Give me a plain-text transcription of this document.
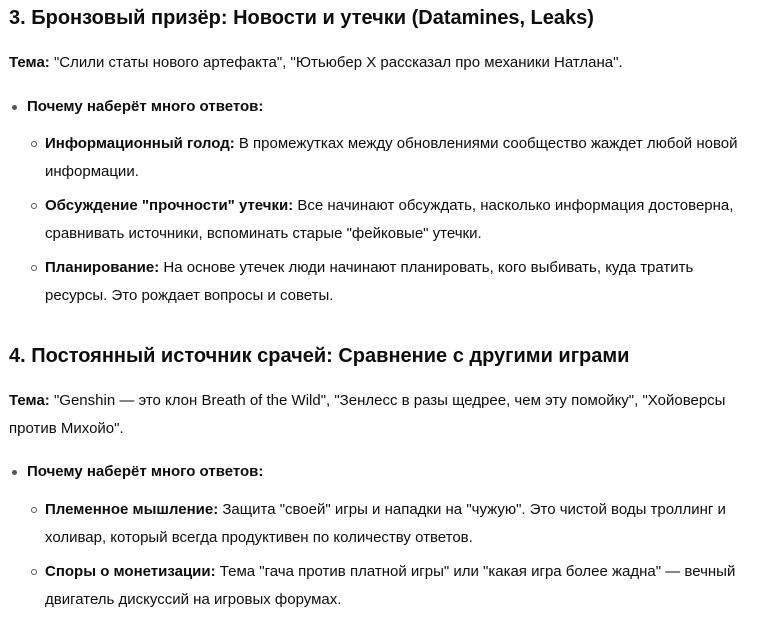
3. Бронзовый призёр: Новости и утечки (Datamines, Leaks)

Тема: "Слили статы нового артефакта", "Ютьюбер X рассказал про механики Натлана".

Почему наберёт много ответов:
Информационный голод: В промежутках между обновлениями сообщество жаждет любой новой информации.
Обсуждение "прочности" утечки: Все начинают обсуждать, насколько информация достоверна, сравнивать источники, вспоминать старые "фейковые" утечки.
Планирование: На основе утечек люди начинают планировать, кого выбивать, куда тратить ресурсы. Это рождает вопросы и советы.
4. Постоянный источник срачей: Сравнение с другими играми

Тема: "Genshin — это клон Breath of the Wild", "Зенлесс в разы щедрее, чем эту помойку", "Хойоверсы против Михойо".

Почему наберёт много ответов:
Племенное мышление: Защита "своей" игры и нападки на "чужую". Это чистой воды троллинг и холивар, который всегда продуктивен по количеству ответов.
Споры о монетизации: Тема "гача против платной игры" или "какая игра более жадна" — вечный двигатель дискуссий на игровых форумах.
